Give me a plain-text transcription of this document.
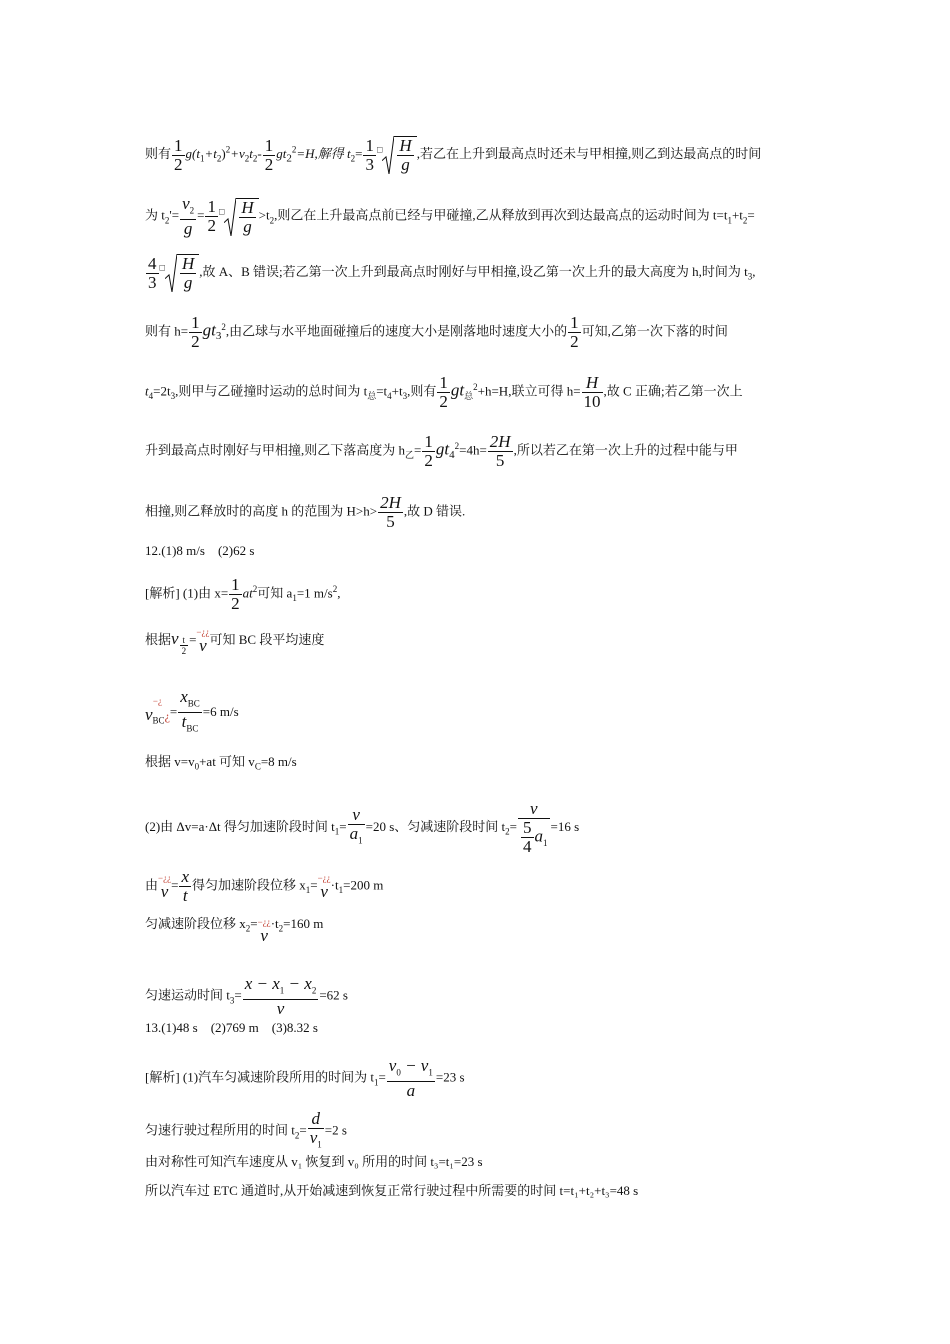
则有 $\frac{1}{2} g(t_1+t_2)^2+v_2t_2- \frac{1}{2} gt_2^2=H$,解得 $t_2= \frac{1}{3} ^□ \frac{H}{g}$ ,若乙在上升到最高点时还未与甲相撞,则乙到达最高点的时间
为 $t_2'= \frac{v_2}{g} = \frac{1}{2} ^□ \frac{H}{g} >t_2$,则乙在上升最高点前已经与甲碰撞,乙从释放到再次到达最高点的运动时间为 $t=t_1+t_2=$
$\frac{4}{3} ^□ \frac{H}{g}$ ,故 A、B 错误;若乙第一次上升到最高点时刚好与甲相撞,设乙第一次上升的最大高度为 h,时间为 $t_3$,
则有 $h= \frac{1}{2} gt_3^2$,由乙球与水平地面碰撞后的速度大小是刚落地时速度大小的 $\frac{1}{2}$ 可知,乙第一次下落的时间
$t_4=2t_3$,则甲与乙碰撞时运动的总时间为 $t_总=t_4+t_3$,则有 $\frac{1}{2} gt_总^2+h=H$,联立可得 $h= \frac{H}{10}$ ,故 C 正确;若乙第一次上
升到最高点时刚好与甲相撞,则乙下落高度为 $h_乙= \frac{1}{2} gt_4^2=4h= \frac{2H}{5}$ ,所以若乙在第一次上升的过程中能与甲
相撞,则乙释放时的高度 h 的范围为 $H>h> \frac{2H}{5}$ ,故 D 错误.
12.(1)8 m/s　(2)62 s
[解析] (1)由 $x= \frac{1}{2} at^2$可知 $a_1=1$ $m/s^2$,
根据v $\frac{t}{2}$ = −¿¿
v 可知 BC 段平均速度
−¿
$v_{BC}¿ = \frac{x_{BC}}{t_{BC}} =6$ m/s
根据 $v=v_0+at$ 可知 $v_C=8$ m/s
(2)由 Δv=a·Δt 得匀加速阶段时间 $t_1= \frac{v}{a_1} =20$ s、匀减速阶段时间 $t_2= \frac{v}{\frac{5}{4} a_1} =16$ s
由 −¿¿
$v = \frac{x}{t}$ 得匀加速阶段位移 $x_1=$ −¿¿
$v \cdot t_1=200$ m
匀减速阶段位移 $x_2=$ −¿¿
v
$\cdot t_2=160$ m
匀速运动时间 $t_3= \frac{x - x_1 - x_2}{v} =62$ s
13.(1)48 s　(2)769 m　(3)8.32 s
[解析] (1)汽车匀减速阶段所用的时间为 $t_1= \frac{v_0 - v_1}{a} =23$ s
匀速行驶过程所用的时间 $t_2= \frac{d}{v_1} =2$ s
由对称性可知汽车速度从 v₁ 恢复到 v₀ 所用的时间 t₃=t₁=23 s
所以汽车过 ETC 通道时,从开始减速到恢复正常行驶过程中所需要的时间 t=t₁+t₂+t₃=48 s
